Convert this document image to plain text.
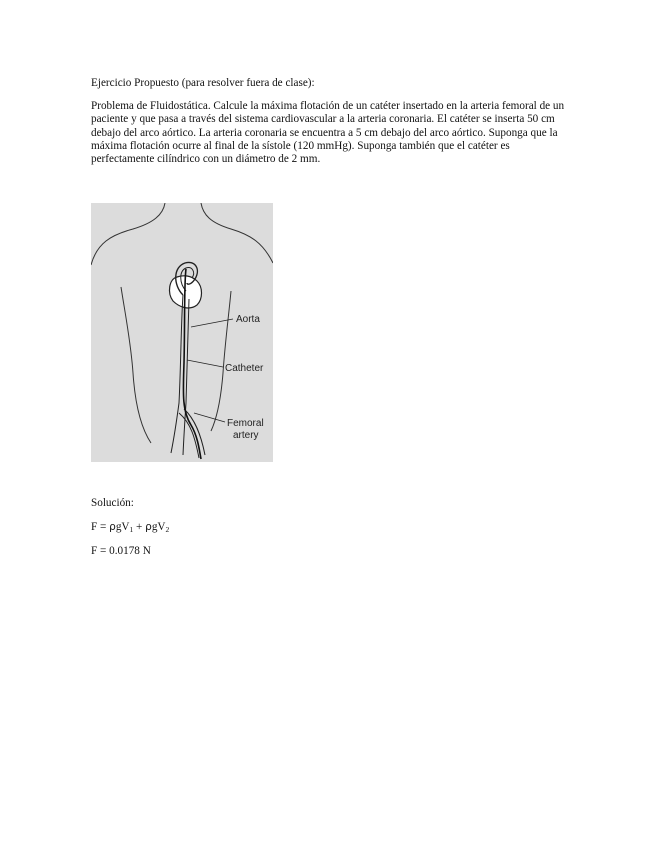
Ejercicio Propuesto (para resolver fuera de clase):
Problema de Fluidostática. Calcule la máxima flotación de un catéter insertado en la arteria femoral de un paciente y que pasa a través del sistema cardiovascular a la arteria coronaria. El catéter se inserta 50 cm debajo del arco aórtico. La arteria coronaria se encuentra a 5 cm debajo del arco aórtico. Suponga que la máxima flotación ocurre al final de la sístole (120 mmHg). Suponga también que el catéter es perfectamente cilíndrico con un diámetro de 2 mm.
Aorta
Catheter
Femoral
artery
Solución:
F = ρgV$_1$ + ρgV$_2$
F = 0.0178 N
